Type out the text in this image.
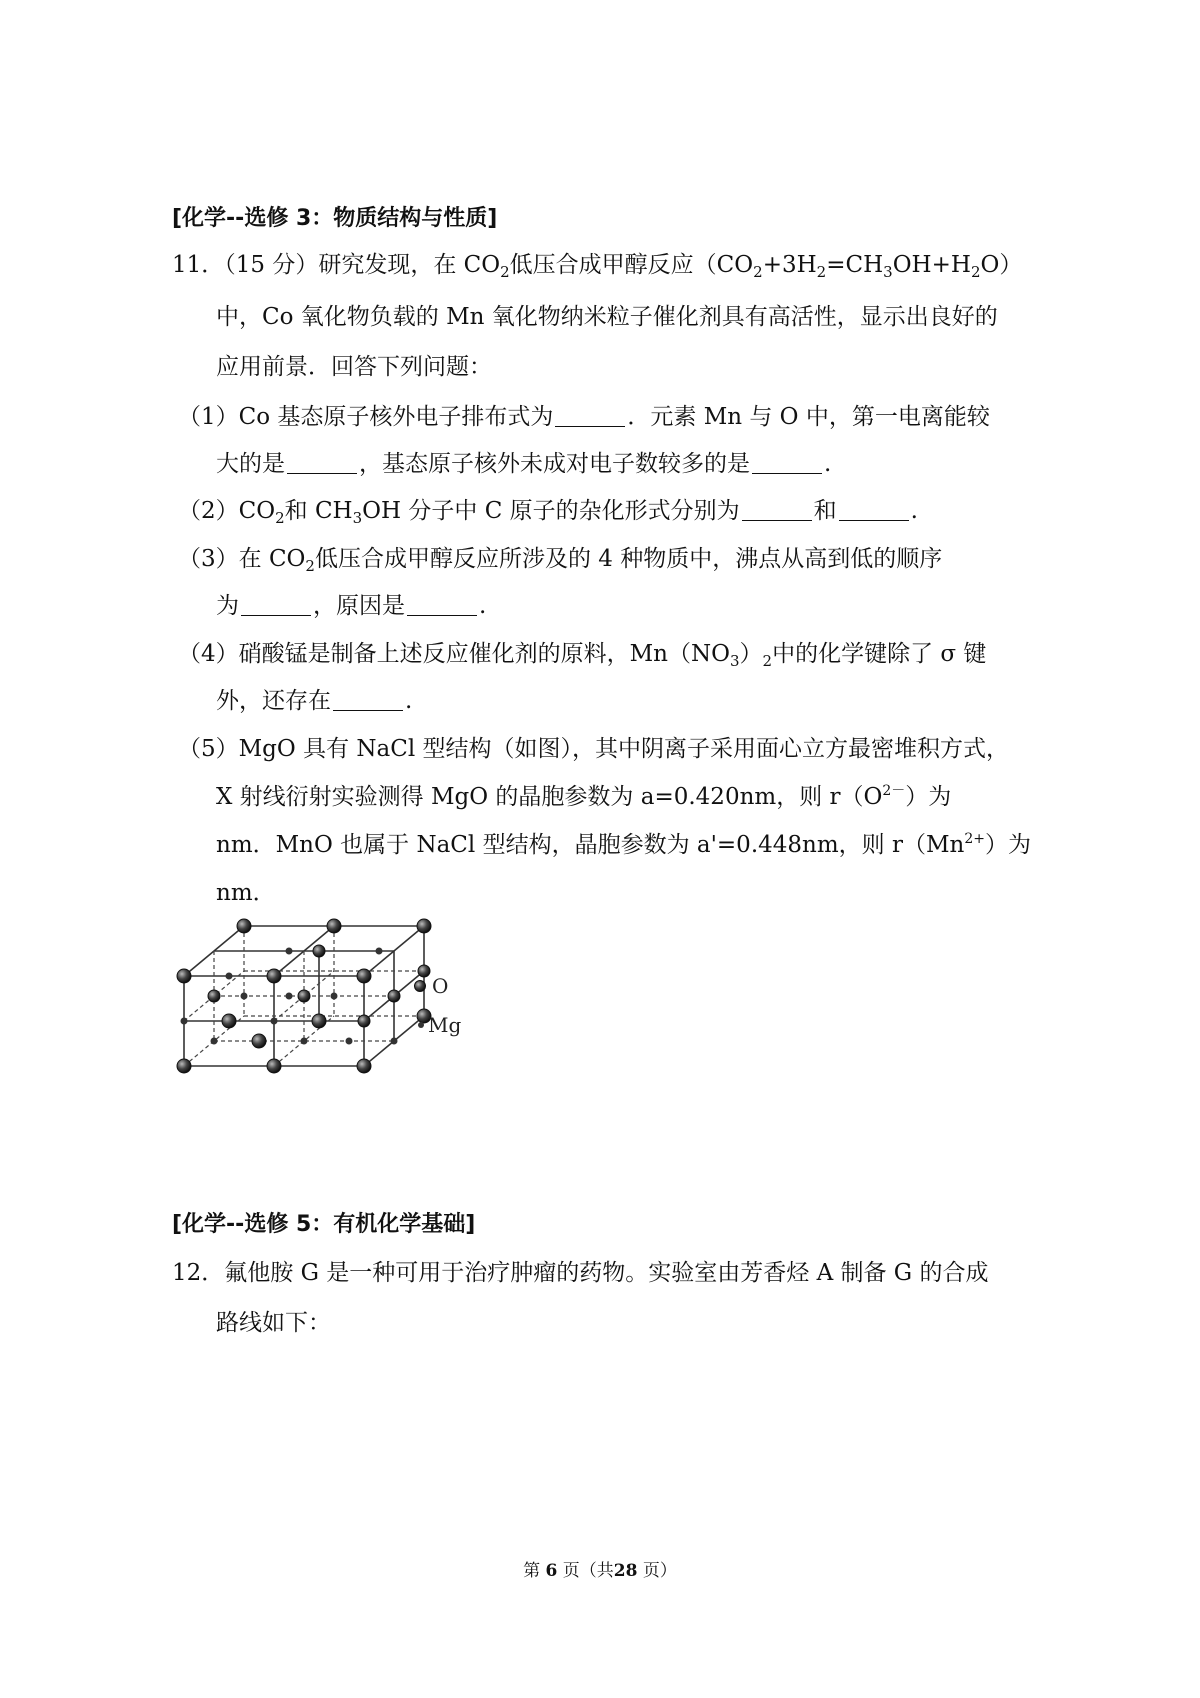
[化学--选修 3：物质结构与性质]
11．（15 分）研究发现，在 $CO_2$低压合成甲醇反应$(CO_2+3H_2=CH_3OH+H_2O)$
中，Co 氧化物负载的 Mn 氧化物纳米粒子催化剂具有高活性，显示出良好的
应用前景．回答下列问题：
（1）Co 基态原子核外电子排布式为	．元素 Mn 与 O 中，第一电离能较
大的是	，基态原子核外未成对电子数较多的是	.
$(2)CO_2$和 $CH_3OH$ 分子中 C 原子的杂化形式分别为	和	.
（3）在 $CO_2$低压合成甲醇反应所涉及的 4 种物质中，沸点从高到低的顺序
为	，原因是	.
（4）硝酸锰是制备上述反应催化剂的原料，$Mn(NO_3)_2$中的化学键除了 σ 键
外，还存在	.
（5）MgO 具有 NaCl 型结构（如图），其中阴离子采用面心立方最密堆积方式，
X 射线衍射实验测得 MgO 的晶胞参数为 a=0.420nm，则 $r(O^{2-})$为
nm．MnO 也属于 NaCl 型结构，晶胞参数为 a'=0.448nm，则 $r(Mn^{2+})$为
nm．
O
Mg
[化学--选修 5：有机化学基础]
12．氟他胺 G 是一种可用于治疗肿瘤的药物。实验室由芳香烃 A 制备 G 的合成
路线如下：
第 6 页（共28 页）
